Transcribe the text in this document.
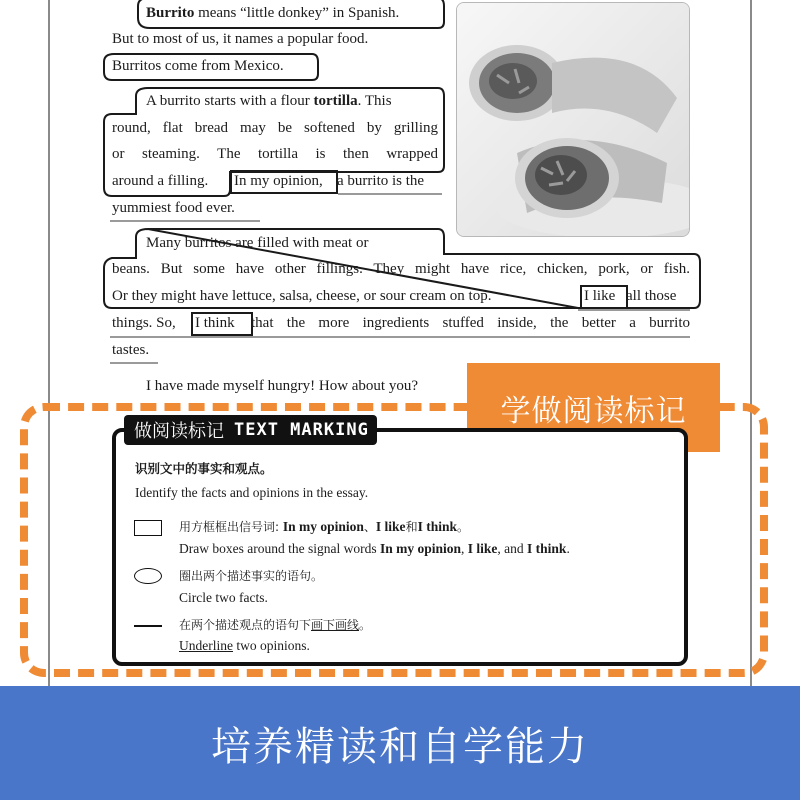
Burrito means “little donkey” in Spanish.
But to most of us, it names a popular food.
Burritos come from Mexico.
A burrito starts with a flour tortilla. This
round, flat bread may be softened by grilling
or steaming. The tortilla is then wrapped
around a filling. In my opinion, a burrito is the
yummiest food ever.
Many burritos are filled with meat or
beans. But some have other fillings. They might have rice, chicken, pork, or fish.
Or they might have lettuce, salsa, cheese, or sour cream on top.	I like all those
things. So, I think that the more ingredients stuffed inside, the better a burrito
tastes.
I have made myself hungry! How about you?
学做阅读标记
做阅读标记 TEXT MARKING
识别文中的事实和观点。
Identify the facts and opinions in the essay.
用方框框出信号词: In my opinion、I like和I think。
Draw boxes around the signal words In my opinion, I like, and I think.
圈出两个描述事实的语句。
Circle two facts.
在两个描述观点的语句下画下画线。
Underline two opinions.
培养精读和自学能力
